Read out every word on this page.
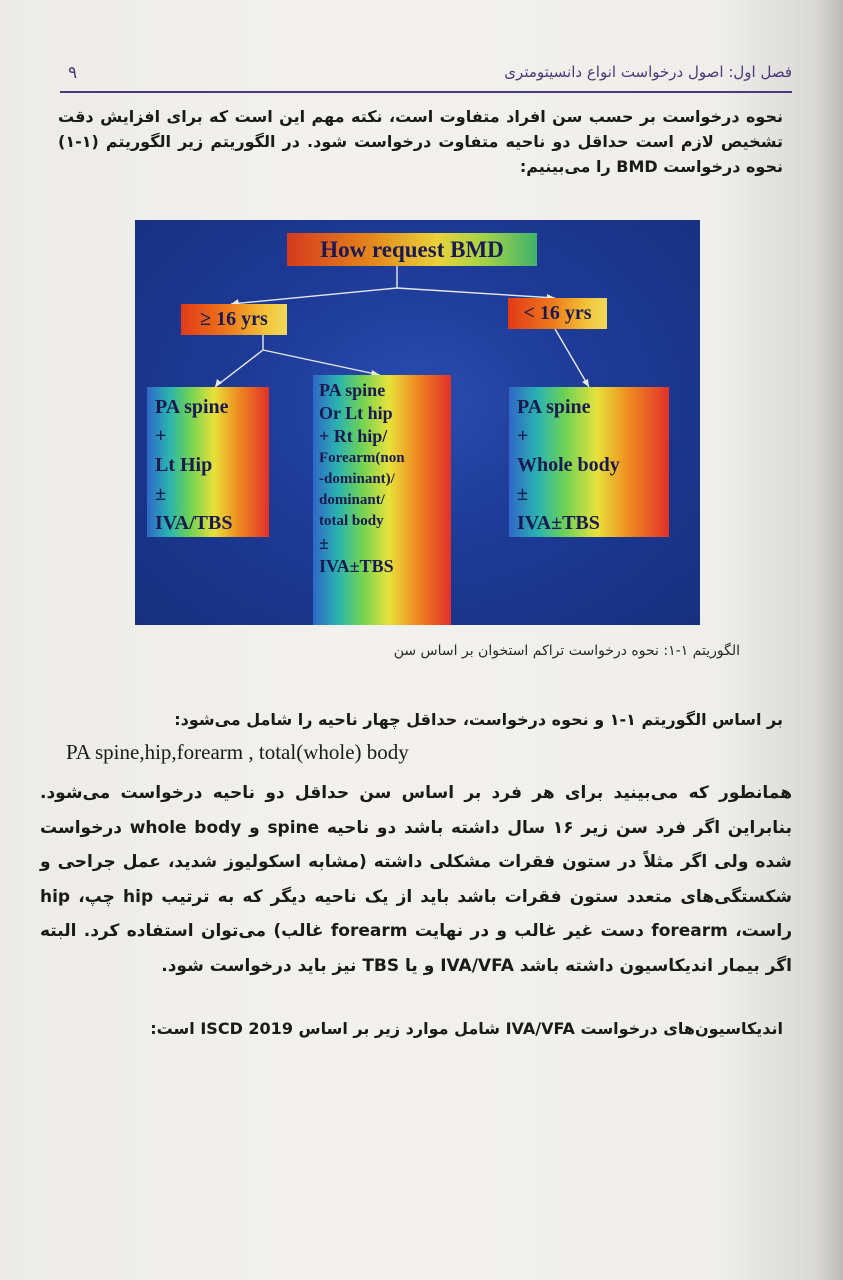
۹	فصل اول: اصول درخواست انواع دانسیتومتری
نحوه درخواست بر حسب سن افراد متفاوت است، نکته مهم این است که برای افزایش دقت تشخیص لازم است حداقل دو ناحیه متفاوت درخواست شود. در الگوریتم زیر الگوریتم (۱-۱) نحوه درخواست BMD را می‌بینیم:
How request BMD
≥ 16 yrs	< 16 yrs
PA spine
+
Lt Hip
±
IVA/TBS
PA spine
Or Lt hip
+ Rt hip/
Forearm(non
-dominant)/
dominant/
total body
±
IVA±TBS
PA spine
+
Whole body
±
IVA±TBS
الگوریتم ۱-۱: نحوه درخواست تراکم استخوان بر اساس سن
بر اساس الگوریتم ۱-۱ و نحوه درخواست، حداقل چهار ناحیه را شامل می‌شود:
PA spine,hip,forearm , total(whole) body
همانطور که می‌بینید برای هر فرد بر اساس سن حداقل دو ناحیه درخواست می‌شود. بنابراین اگر فرد سن زیر ۱۶ سال داشته باشد دو ناحیه spine و whole body درخواست شده ولی اگر مثلاً در ستون فقرات مشکلی داشته (مشابه اسکولیوز شدید، عمل جراحی و شکستگی‌های متعدد ستون فقرات باشد باید از یک ناحیه دیگر که به ترتیب hip چپ، hip راست، forearm دست غیر غالب و در نهایت forearm غالب) می‌توان استفاده کرد. البته اگر بیمار اندیکاسیون داشته باشد IVA/VFA و یا TBS نیز باید درخواست شود.
اندیکاسیون‌های درخواست IVA/VFA شامل موارد زیر بر اساس ISCD 2019 است:
